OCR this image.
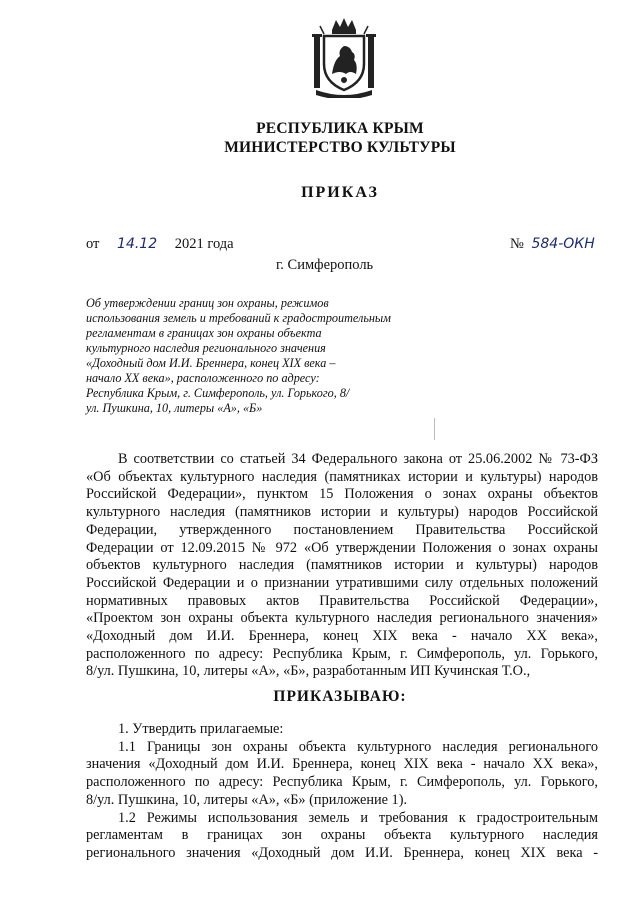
РЕСПУБЛИКА КРЫМ
МИНИСТЕРСТВО КУЛЬТУРЫ
ПРИКАЗ
от 14.12 2021 года	№ 584-ОКН
г. Симферополь
Об утверждении границ зон охраны, режимов
использования земель и требований к градостроительным
регламентам в границах зон охраны объекта
культурного наследия регионального значения
«Доходный дом И.И. Бреннера, конец XIX века –
начало XX века», расположенного по адресу:
Республика Крым, г. Симферополь, ул. Горького, 8/
ул. Пушкина, 10, литеры «А», «Б»
В соответствии со статьей 34 Федерального закона от 25.06.2002 № 73-ФЗ
«Об объектах культурного наследия (памятниках истории и культуры) народов
Российской Федерации», пунктом 15 Положения о зонах охраны объектов
культурного наследия (памятников истории и культуры) народов Российской
Федерации, утвержденного постановлением Правительства Российской
Федерации от 12.09.2015 № 972 «Об утверждении Положения о зонах охраны
объектов культурного наследия (памятников истории и культуры) народов
Российской Федерации и о признании утратившими силу отдельных положений
нормативных правовых актов Правительства Российской Федерации»,
«Проектом зон охраны объекта культурного наследия регионального значения»
«Доходный дом И.И. Бреннера, конец XIX века - начало XX века»,
расположенного по адресу: Республика Крым, г. Симферополь, ул. Горького,
8/ул. Пушкина, 10, литеры «А», «Б», разработанным ИП Кучинская Т.О.,
ПРИКАЗЫВАЮ:
1. Утвердить прилагаемые:
1.1 Границы зон охраны объекта культурного наследия регионального
значения «Доходный дом И.И. Бреннера, конец XIX века - начало XX века»,
расположенного по адресу: Республика Крым, г. Симферополь, ул. Горького,
8/ул. Пушкина, 10, литеры «А», «Б» (приложение 1).
1.2 Режимы использования земель и требования к градостроительным
регламентам в границах зон охраны объекта культурного наследия
регионального значения «Доходный дом И.И. Бреннера, конец XIX века -
